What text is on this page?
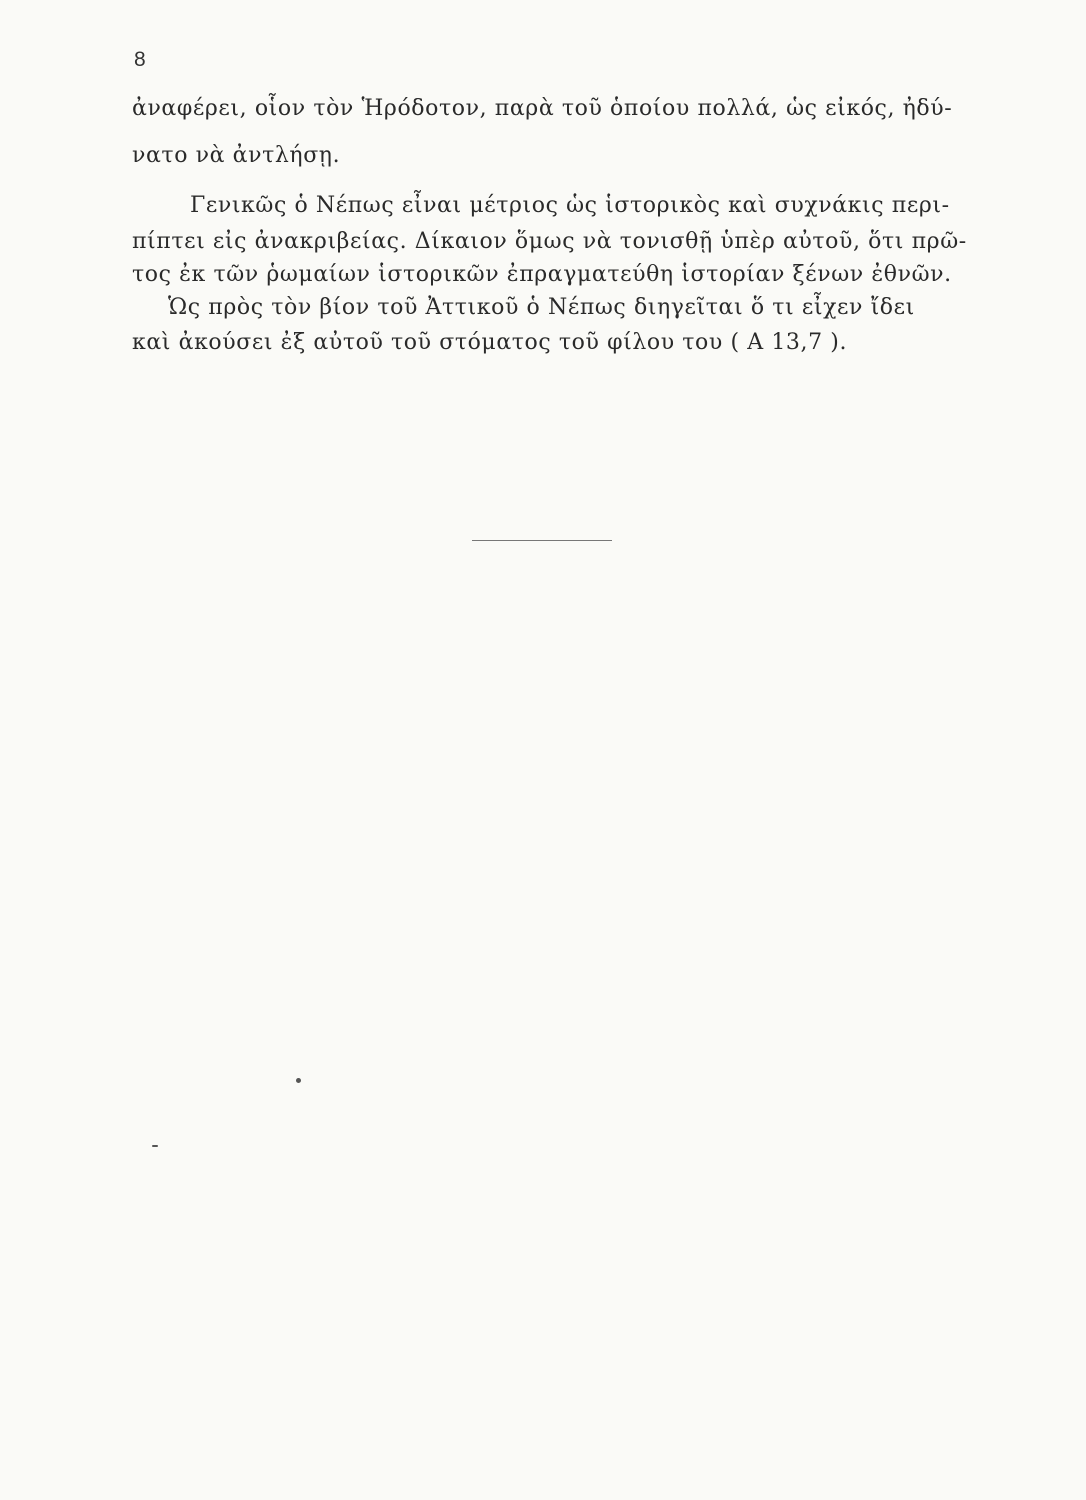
8
ἀναφέρει, οἷον τὸν Ἡρόδοτον, παρὰ τοῦ ὁποίου πολλά, ὡς εἰκός, ἠδύ-
νατο νὰ ἀντλήσῃ.
Γενικῶς ὁ Νέπως εἶναι μέτριος ὡς ἱστορικὸς καὶ συχνάκις περι-
πίπτει εἰς ἀνακριβείας. Δίκαιον ὅμως νὰ τονισθῇ ὑπὲρ αὐτοῦ, ὅτι πρῶ-
τος ἐκ τῶν ῥωμαίων ἱστορικῶν ἐπραγματεύθη ἱστορίαν ξένων ἐθνῶν.
Ὡς πρὸς τὸν βίον τοῦ Ἀττικοῦ ὁ Νέπως διηγεῖται ὅ τι εἶχεν ἴδει
καὶ ἀκούσει ἐξ αὐτοῦ τοῦ στόματος τοῦ φίλου του ( Α 13,7 ).
